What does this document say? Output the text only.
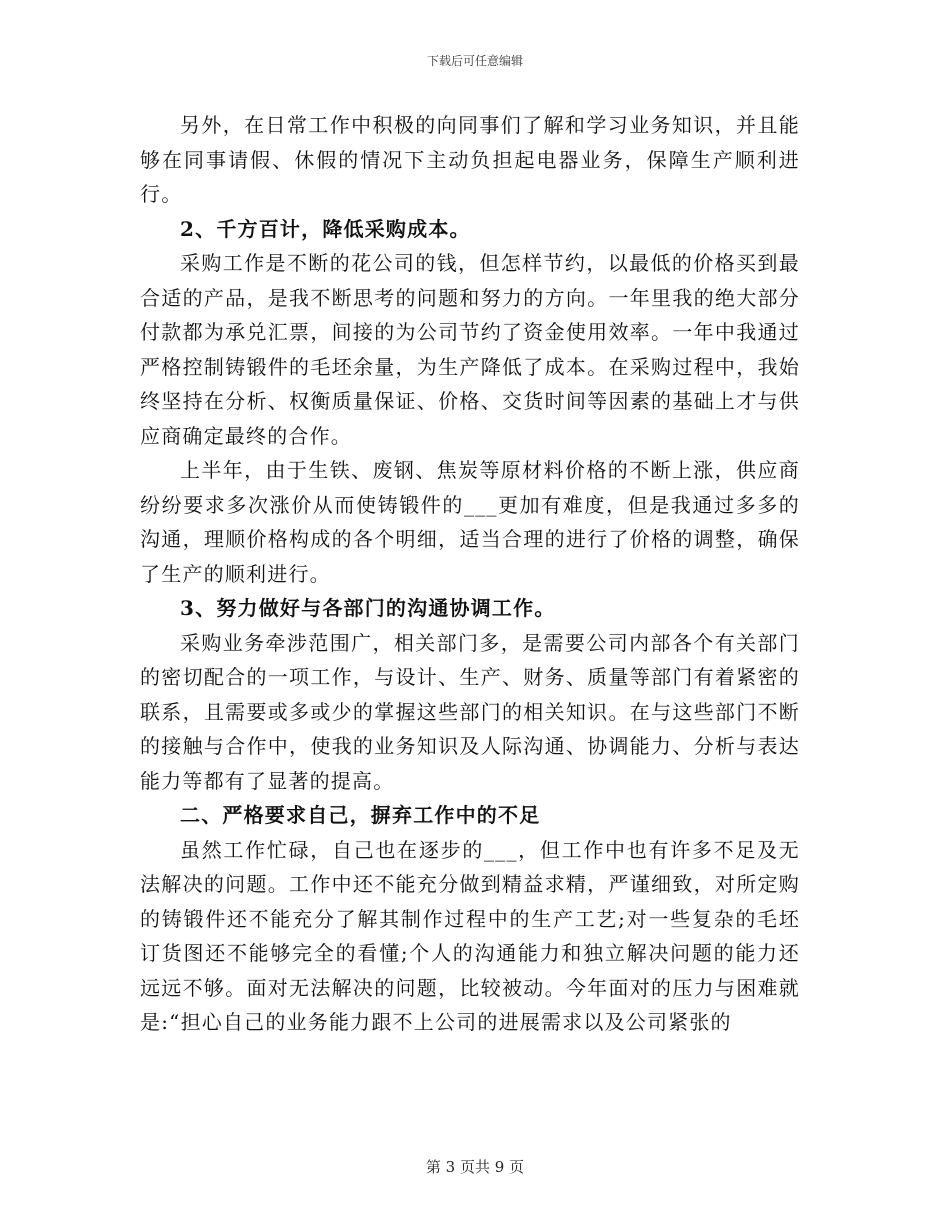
下载后可任意编辑

另外，在日常工作中积极的向同事们了解和学习业务知识，并且能够在同事请假、休假的情况下主动负担起电器业务，保障生产顺利进行。

2、千方百计，降低采购成本。

采购工作是不断的花公司的钱，但怎样节约，以最低的价格买到最合适的产品，是我不断思考的问题和努力的方向。一年里我的绝大部分付款都为承兑汇票，间接的为公司节约了资金使用效率。一年中我通过严格控制铸锻件的毛坯余量，为生产降低了成本。在采购过程中，我始终坚持在分析、权衡质量保证、价格、交货时间等因素的基础上才与供应商确定最终的合作。

上半年，由于生铁、废钢、焦炭等原材料价格的不断上涨，供应商纷纷要求多次涨价从而使铸锻件的___更加有难度，但是我通过多多的沟通，理顺价格构成的各个明细，适当合理的进行了价格的调整，确保了生产的顺利进行。

3、努力做好与各部门的沟通协调工作。

采购业务牵涉范围广，相关部门多，是需要公司内部各个有关部门的密切配合的一项工作，与设计、生产、财务、质量等部门有着紧密的联系，且需要或多或少的掌握这些部门的相关知识。在与这些部门不断的接触与合作中，使我的业务知识及人际沟通、协调能力、分析与表达能力等都有了显著的提高。

二、严格要求自己，摒弃工作中的不足

虽然工作忙碌，自己也在逐步的___，但工作中也有许多不足及无法解决的问题。工作中还不能充分做到精益求精，严谨细致，对所定购的铸锻件还不能充分了解其制作过程中的生产工艺;对一些复杂的毛坯订货图还不能够完全的看懂;个人的沟通能力和独立解决问题的能力还远远不够。面对无法解决的问题，比较被动。今年面对的压力与困难就是:“担心自己的业务能力跟不上公司的进展需求以及公司紧张的

第 3 页共 9 页
